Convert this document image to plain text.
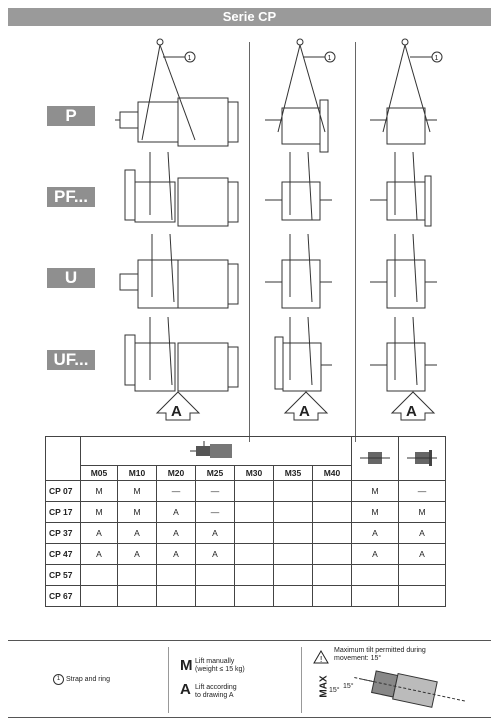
Serie CP
P
PF...
U
UF...
1	1	1
A	A	A

	M05	M10	M20	M25	M30	M35	M40		
CP 07	M	M	—	—				M	—
CP 17	M	M	A	—				M	M
CP 37	A	A	A	A				A	A
CP 47	A	A	A	A				A	A
CP 57									
CP 67									
1 Strap and ring
M Lift manually
(weight ≤ 15 kg)
A Lift according
to drawing A
!
Maximum tilt permitted during
movement: 15°
MAX 15°
15°
